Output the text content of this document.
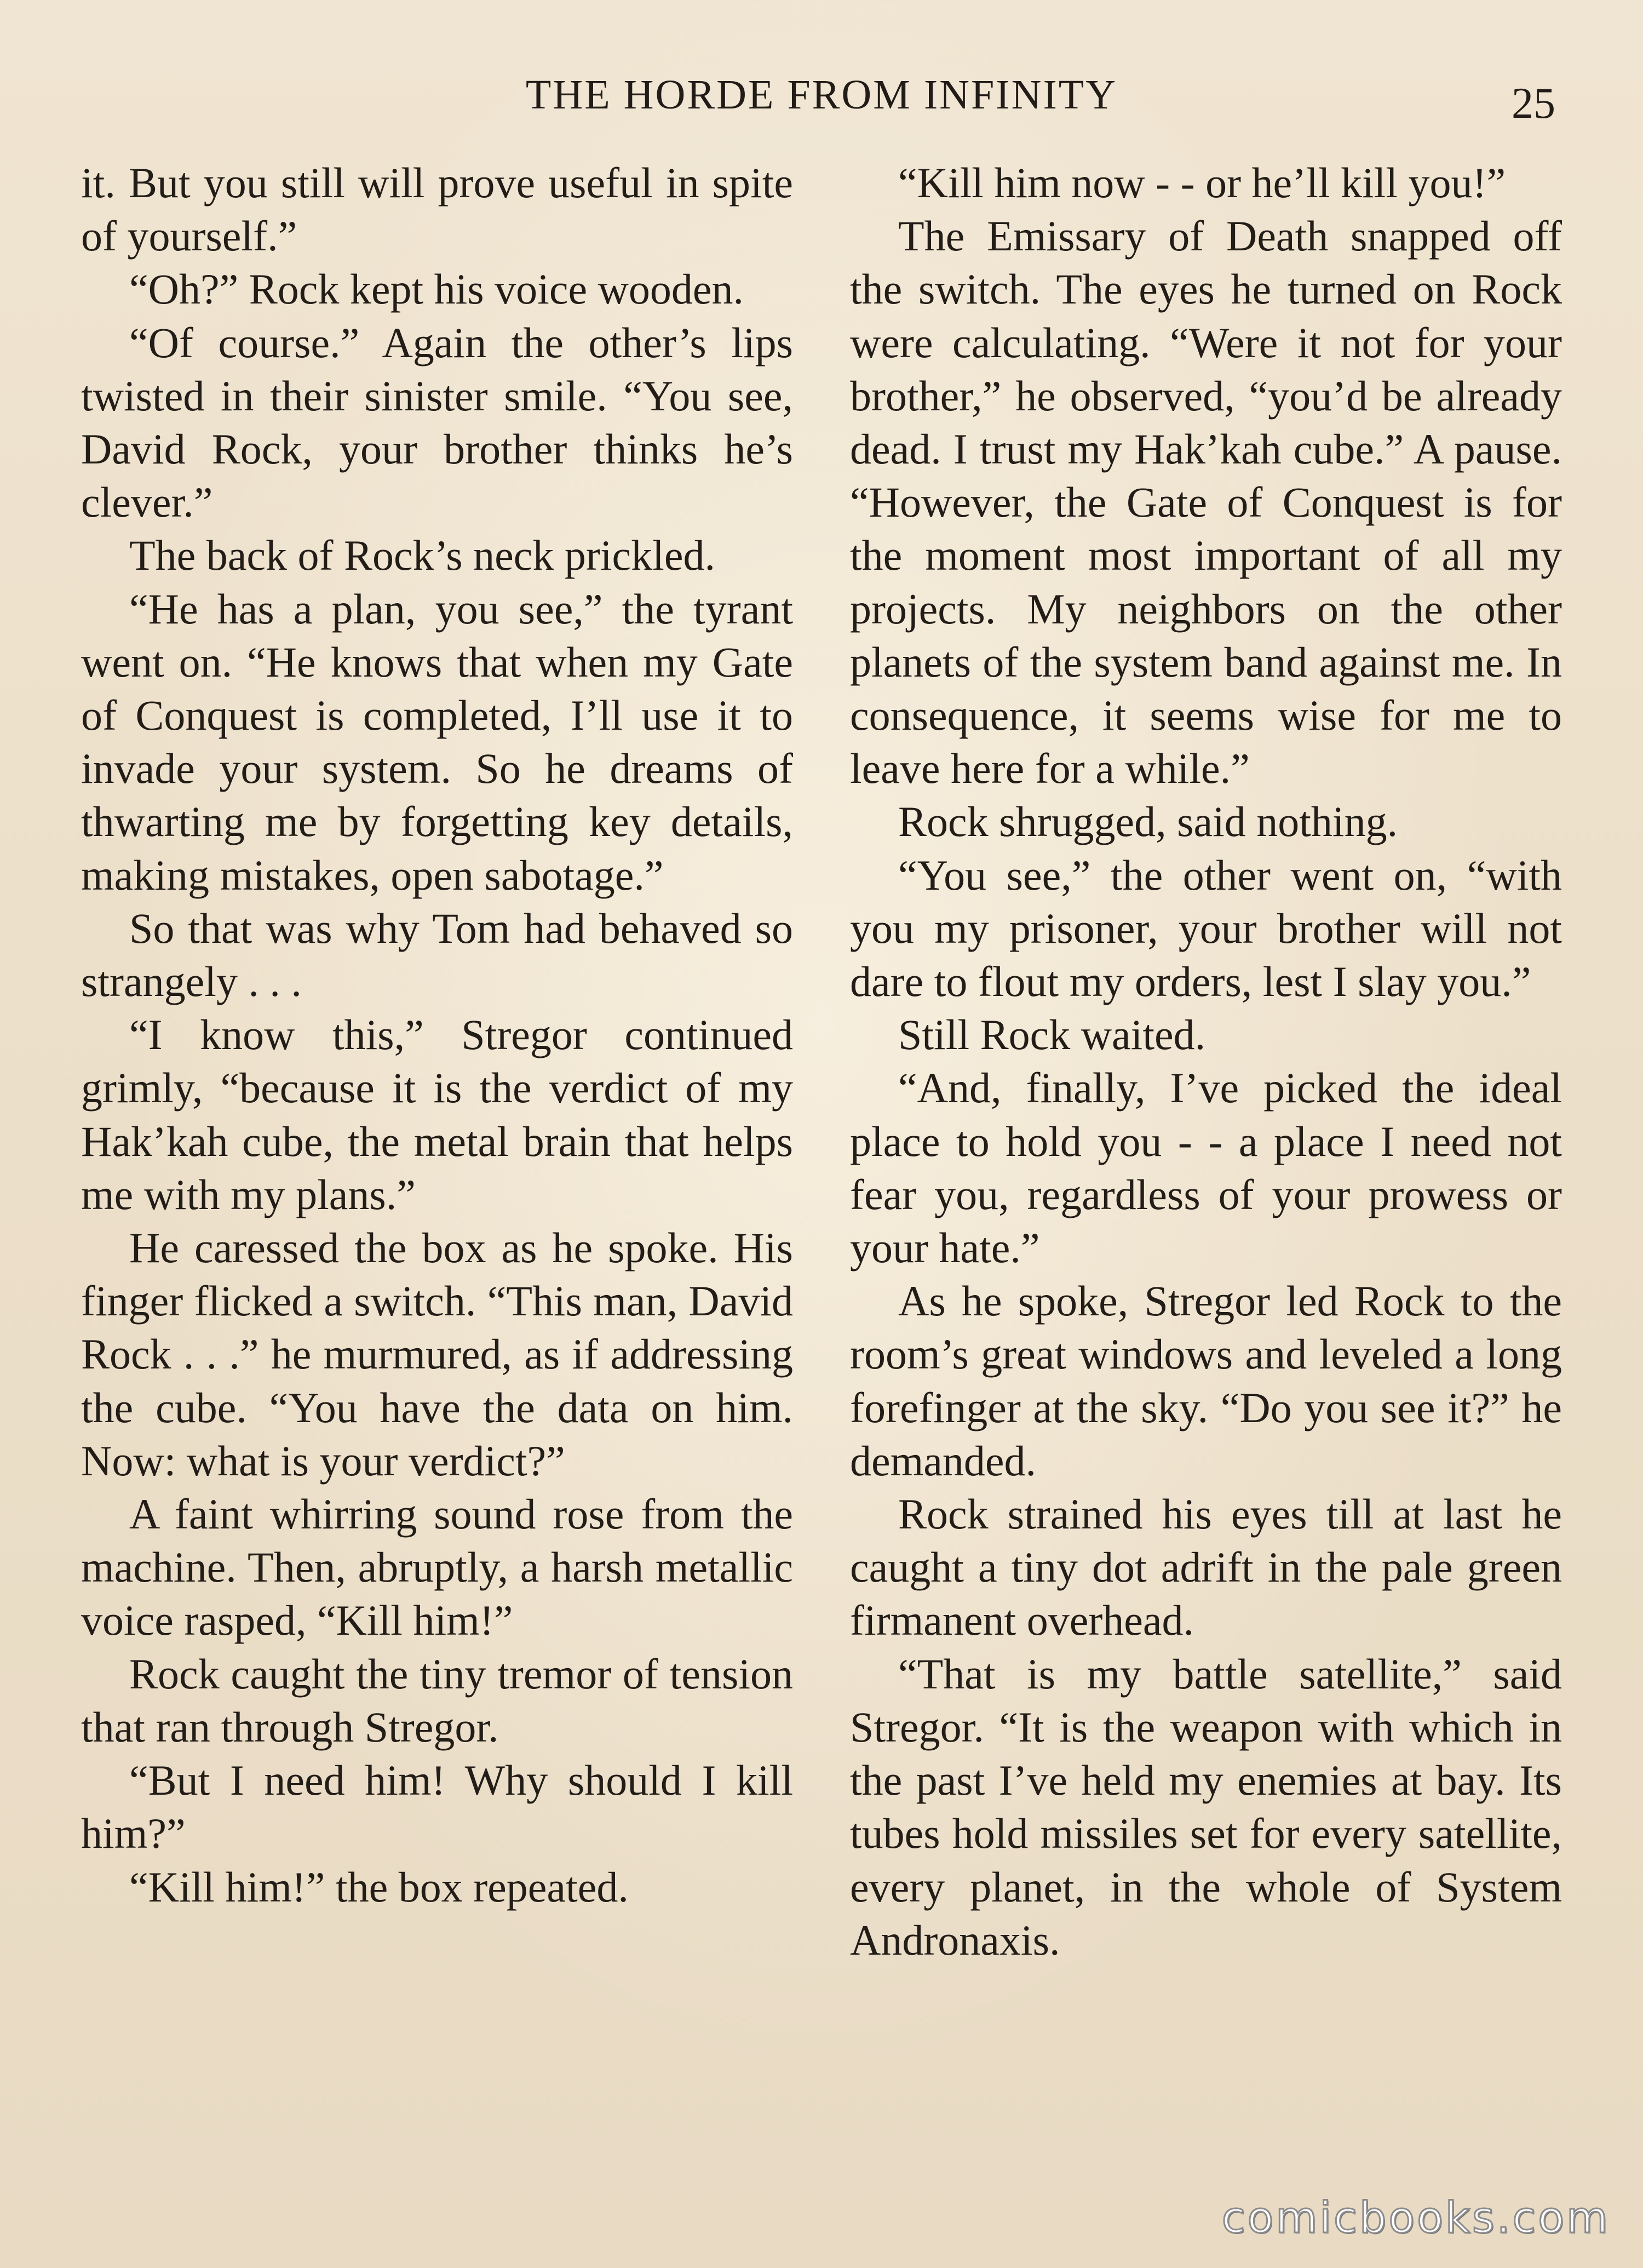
THE HORDE FROM INFINITY	25

it. But you still will prove useful in spite of yourself.”

“Oh?” Rock kept his voice wooden.

“Of course.” Again the other’s lips twisted in their sinister smile. “You see, David Rock, your brother thinks he’s clever.”

The back of Rock’s neck prickled.

“He has a plan, you see,” the tyrant went on. “He knows that when my Gate of Conquest is completed, I’ll use it to invade your system. So he dreams of thwarting me by forgetting key details, making mistakes, open sabotage.”

So that was why Tom had behaved so strangely . . .

“I know this,” Stregor continued grimly, “because it is the verdict of my Hak’kah cube, the metal brain that helps me with my plans.”

He caressed the box as he spoke. His finger flicked a switch. “This man, David Rock . . .” he murmured, as if addressing the cube. “You have the data on him. Now: what is your verdict?”

A faint whirring sound rose from the machine. Then, abruptly, a harsh metallic voice rasped, “Kill him!”

Rock caught the tiny tremor of tension that ran through Stregor.

“But I need him! Why should I kill him?”

“Kill him!” the box repeated.

“Kill him now - - or he’ll kill you!”

The Emissary of Death snapped off the switch. The eyes he turned on Rock were calculating. “Were it not for your brother,” he observed, “you’d be already dead. I trust my Hak’kah cube.” A pause. “However, the Gate of Conquest is for the moment most important of all my projects. My neighbors on the other planets of the system band against me. In consequence, it seems wise for me to leave here for a while.”

Rock shrugged, said nothing.

“You see,” the other went on, “with you my prisoner, your brother will not dare to flout my orders, lest I slay you.”

Still Rock waited.

“And, finally, I’ve picked the ideal place to hold you - - a place I need not fear you, regardless of your prowess or your hate.”

As he spoke, Stregor led Rock to the room’s great windows and leveled a long forefinger at the sky. “Do you see it?” he demanded.

Rock strained his eyes till at last he caught a tiny dot adrift in the pale green firmanent overhead.

“That is my battle satellite,” said Stregor. “It is the weapon with which in the past I’ve held my enemies at bay. Its tubes hold missiles set for every satellite, every planet, in the whole of System Andronaxis.

comicbooks.com
